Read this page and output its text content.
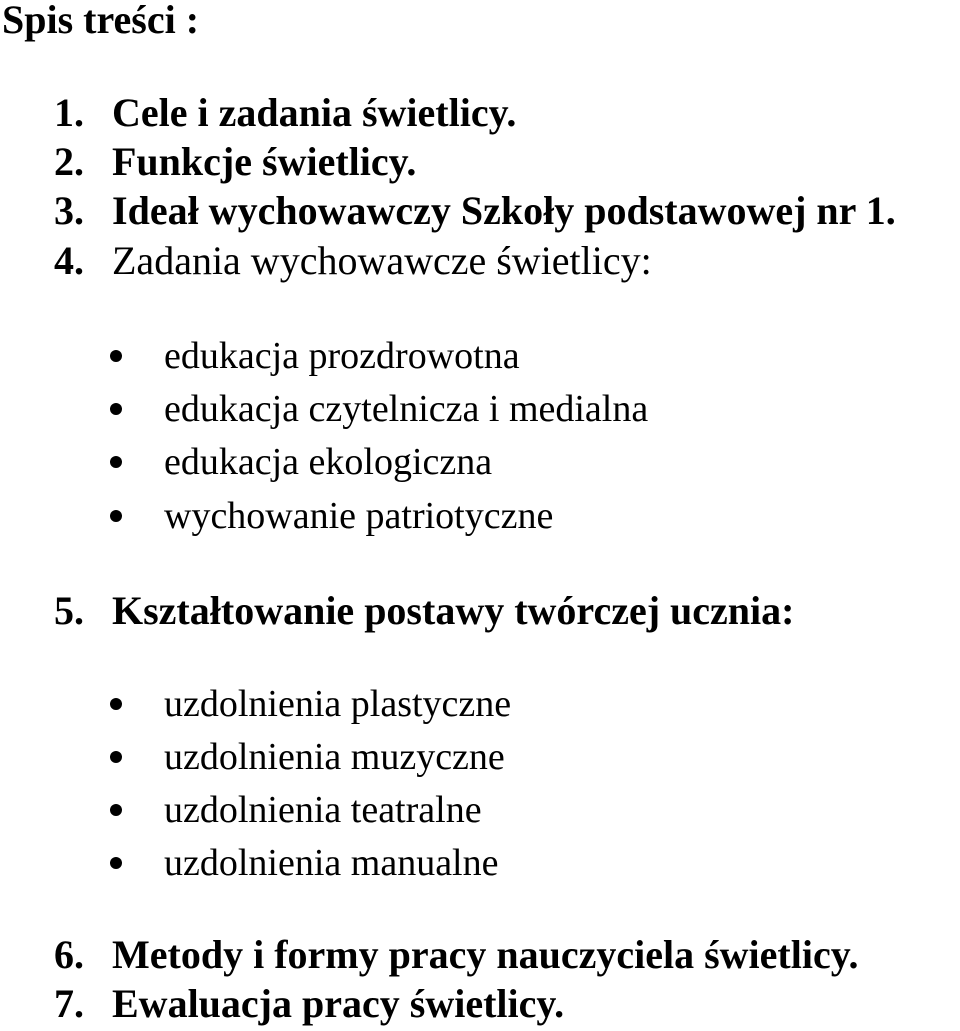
Spis treści :
1. Cele i zadania świetlicy.
2. Funkcje świetlicy.
3. Ideał wychowawczy Szkoły podstawowej nr 1.
4. Zadania wychowawcze świetlicy:
edukacja prozdrowotna
edukacja czytelnicza i medialna
edukacja ekologiczna
wychowanie patriotyczne
5. Kształtowanie postawy twórczej ucznia:
uzdolnienia plastyczne
uzdolnienia muzyczne
uzdolnienia teatralne
uzdolnienia manualne
6. Metody i formy pracy nauczyciela świetlicy.
7. Ewaluacja pracy świetlicy.
